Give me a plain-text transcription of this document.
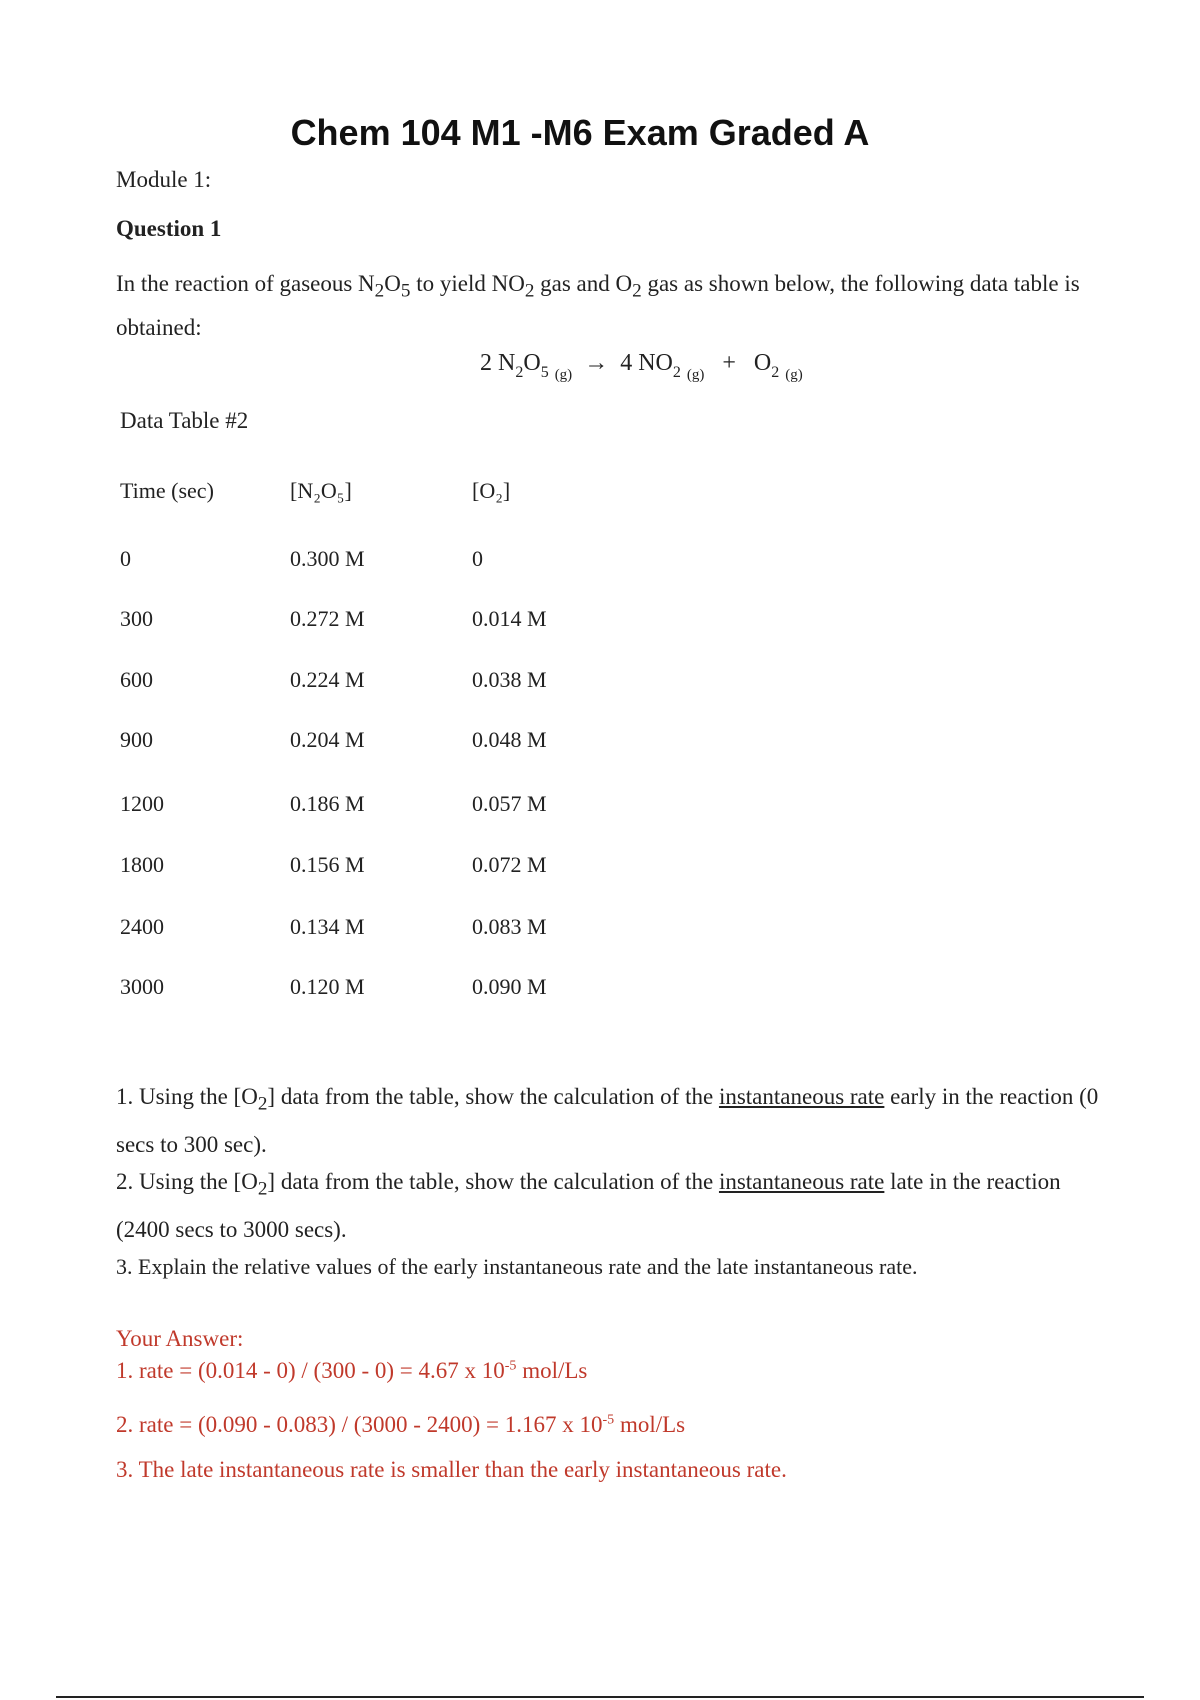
Chem 104 M1 -M6 Exam Graded A
Module 1:
Question 1
In the reaction of gaseous $N_2O_5$ to yield $NO_2$ gas and $O_2$ gas as shown below, the following data table is obtained:
2 $N_2O_5$ $_{(g)}$ → 4 $NO_2$ $_{(g)} + O_2$ $_{(g)}$
Data Table #2
Time (sec)	[N₂O₅]	[O₂]
0	0.300 M	0
300	0.272 M	0.014 M
600	0.224 M	0.038 M
900	0.204 M	0.048 M
1200	0.186 M	0.057 M
1800	0.156 M	0.072 M
2400	0.134 M	0.083 M
3000	0.120 M	0.090 M
1. Using the $[O_2]$ data from the table, show the calculation of the instantaneous rate early in the reaction (0 secs to 300 sec).
2. Using the $[O_2]$ data from the table, show the calculation of the instantaneous rate late in the reaction (2400 secs to 3000 secs).
3. Explain the relative values of the early instantaneous rate and the late instantaneous rate.
Your Answer:
1. rate = (0.014 - 0) / (300 - 0) = 4.67 x $10^{-5}$ mol/Ls
2. rate = (0.090 - 0.083) / (3000 - 2400) = 1.167 x $10^{-5}$ mol/Ls
3. The late instantaneous rate is smaller than the early instantaneous rate.
